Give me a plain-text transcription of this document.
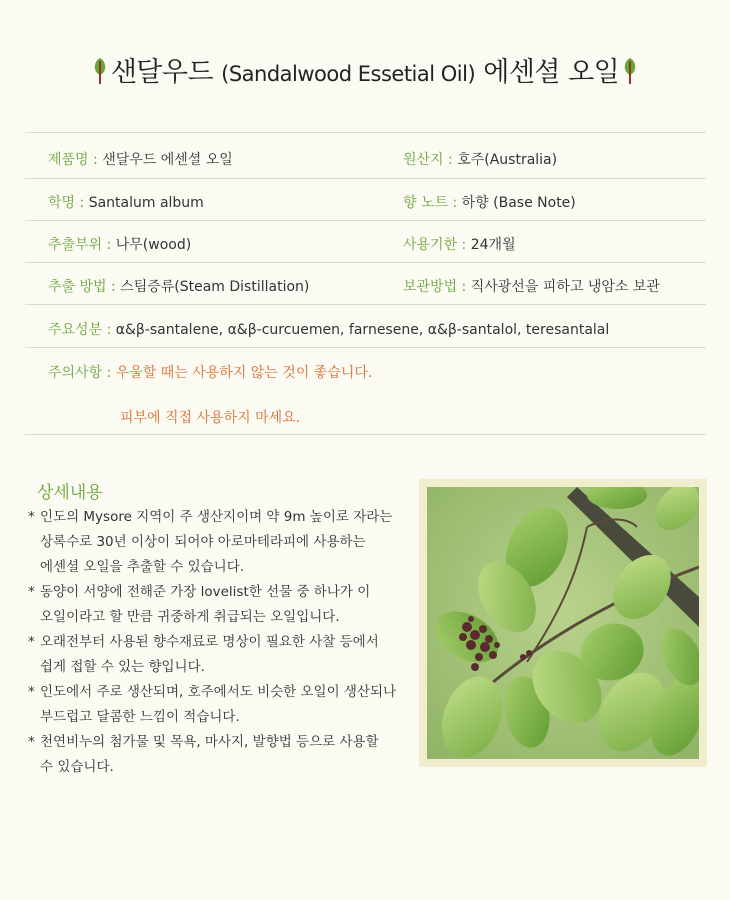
샌달우드 (Sandalwood Essetial Oil) 에센셜 오일
제품명 : 샌달우드 에센셜 오일	원산지 : 호주(Australia)
학명 : Santalum album	향 노트 : 하향 (Base Note)
추출부위 : 나무(wood)	사용기한 : 24개월
추출 방법 : 스팀증류(Steam Distillation)	보관방법 : 직사광선을 피하고 냉암소 보관
주요성분 : α&β-santalene, α&β-curcuemen, farnesene, α&β-santalol, teresantalal
주의사항 : 우울할 때는 사용하지 않는 것이 좋습니다.
피부에 직접 사용하지 마세요.
상세내용
* 인도의 Mysore 지역이 주 생산지이며 약 9m 높이로 자라는
상록수로 30년 이상이 되어야 아로마테라피에 사용하는
에센셜 오일을 추출할 수 있습니다.
* 동양이 서양에 전해준 가장 lovelist한 선물 중 하나가 이
오일이라고 할 만큼 귀중하게 취급되는 오일입니다.
* 오래전부터 사용된 향수재료로 명상이 필요한 사찰 등에서
쉽게 접할 수 있는 향입니다.
* 인도에서 주로 생산되며, 호주에서도 비슷한 오일이 생산되나
부드럽고 달콤한 느낌이 적습니다.
* 천연비누의 첨가물 및 목욕, 마사지, 발향법 등으로 사용할
수 있습니다.
